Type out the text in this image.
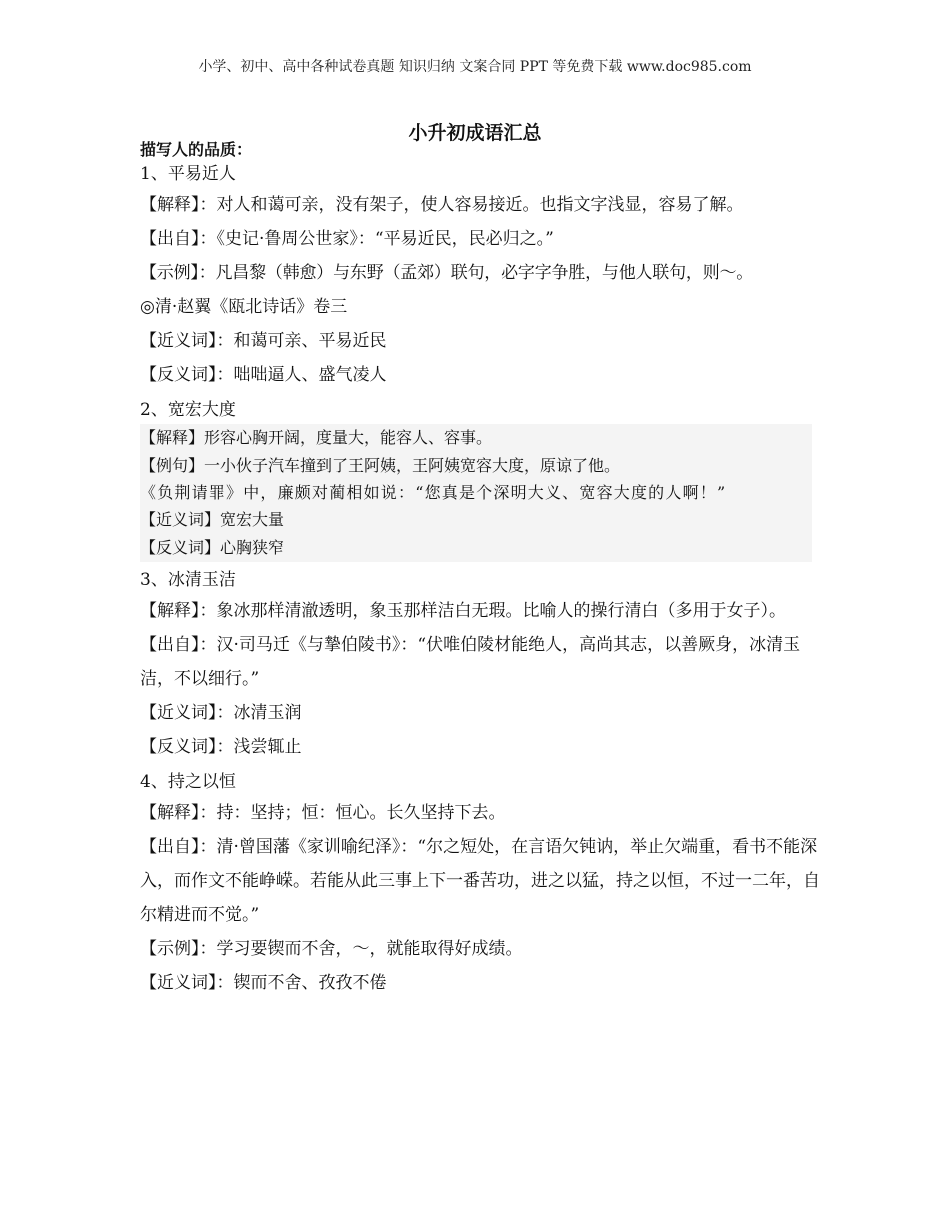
小学、初中、高中各种试卷真题 知识归纳 文案合同 PPT 等免费下载 www.doc985.com
小升初成语汇总
描写人的品质：

1、平易近人

【解释】：对人和蔼可亲，没有架子，使人容易接近。也指文字浅显，容易了解。

【出自】：《史记·鲁周公世家》：“平易近民，民必归之。”

【示例】：凡昌黎（韩愈）与东野（孟郊）联句，必字字争胜，与他人联句，则～。

◎清·赵翼《瓯北诗话》卷三

【近义词】：和蔼可亲、平易近民

【反义词】：咄咄逼人、盛气凌人

2、宽宏大度

【解释】形容心胸开阔，度量大，能容人、容事。

【例句】一小伙子汽车撞到了王阿姨，王阿姨宽容大度，原谅了他。

《负荆请罪》中，廉颇对蔺相如说：“您真是个深明大义、宽容大度的人啊！”

【近义词】宽宏大量

【反义词】心胸狭窄

3、冰清玉洁

【解释】：象冰那样清澈透明，象玉那样洁白无瑕。比喻人的操行清白（多用于女子）。

【出自】：汉·司马迁《与摯伯陵书》：“伏唯伯陵材能绝人，高尚其志，以善厥身，冰清玉洁，不以细行。”

【近义词】：冰清玉润

【反义词】：浅尝辄止

4、持之以恒

【解释】：持：坚持；恒：恒心。长久坚持下去。

【出自】：清·曾国藩《家训喻纪泽》：“尔之短处，在言语欠钝讷，举止欠端重，看书不能深入，而作文不能峥嵘。若能从此三事上下一番苦功，进之以猛，持之以恒，不过一二年，自尔精进而不觉。”

【示例】：学习要锲而不舍，～，就能取得好成绩。

【近义词】：锲而不舍、孜孜不倦
